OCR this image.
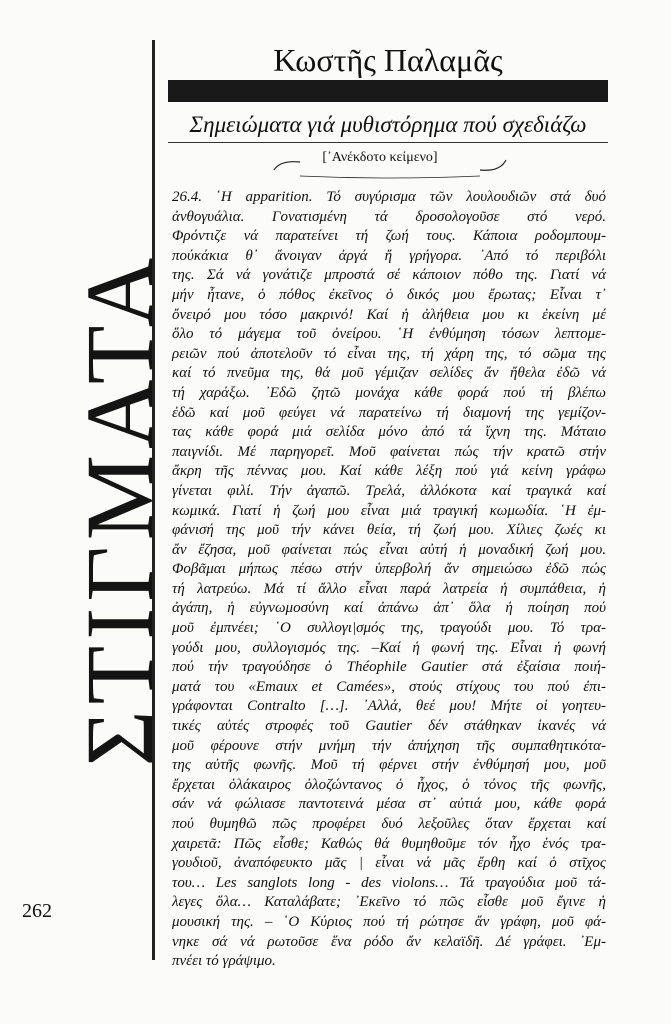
ΣΤΙΓΜΑΤΑ
Κωστῆς Παλαμᾶς
Σημειώματα γιά μυθιστόρημα πού σχεδιάζω
[᾿Ανέκδοτο κείμενο]
26.4. ῾Η apparition. Τό συγύρισμα τῶν λουλουδιῶν στά δυό
ἀνθογυάλια. Γονατισμένη τά δροσολογοῦσε στό νερό.
Φρόντιζε νά παρατείνει τή ζωή τους. Κάποια ροδομπουμ-
πούκάκια θ᾿ ἄνοιγαν ἀργά ἤ γρήγορα. ᾿Από τό περιβόλι
της. Σά νά γονάτιζε μπροστά σέ κάποιον πόθο της. Γιατί νά
μήν ἦτανε, ὁ πόθος ἐκεῖνος ὁ δικός μου ἔρωτας; Εἶναι τ᾿
ὄνειρό μου τόσο μακρινό! Καί ἡ ἀλήθεια μου κι ἐκείνη μέ
ὅλο τό μάγεμα τοῦ ὀνείρου. ῾Η ἐνθύμηση τόσων λεπτομε-
ρειῶν πού ἀποτελοῦν τό εἶναι της, τή χάρη της, τό σῶμα της
καί τό πνεῦμα της, θά μοῦ γέμιζαν σελίδες ἄν ἤθελα ἐδῶ νά
τή χαράξω. ᾿Εδῶ ζητῶ μονάχα κάθε φορά πού τή βλέπω
ἐδῶ καί μοῦ φεύγει νά παρατείνω τή διαμονή της γεμίζον-
τας κάθε φορά μιά σελίδα μόνο ἀπό τά ἴχνη της. Μάταιο
παιγνίδι. Μέ παρηγορεῖ. Μοῦ φαίνεται πώς τήν κρατῶ στήν
ἄκρη τῆς πέννας μου. Καί κάθε λέξη πού γιά κείνη γράφω
γίνεται φιλί. Τήν ἀγαπῶ. Τρελά, ἀλλόκοτα καί τραγικά καί
κωμικά. Γιατί ἡ ζωή μου εἶναι μιά τραγική κωμωδία. ῾Η ἐμ-
φάνισή της μοῦ τήν κάνει θεία, τή ζωή μου. Χίλιες ζωές κι
ἄν ἔζησα, μοῦ φαίνεται πώς εἶναι αὐτή ἡ μοναδική ζωή μου.
Φοβᾶμαι μήπως πέσω στήν ὑπερβολή ἄν σημειώσω ἐδῶ πώς
τή λατρεύω. Μά τί ἄλλο εἶναι παρά λατρεία ἡ συμπάθεια, ἡ
ἀγάπη, ἡ εὐγνωμοσύνη καί ἀπάνω ἀπ᾿ ὅλα ἡ ποίηση πού
μοῦ ἐμπνέει; ῾Ο συλλογι|σμός της, τραγούδι μου. Τό τρα-
γούδι μου, συλλογισμός της. –Καί ἡ φωνή της. Εἶναι ἡ φωνή
πού τήν τραγούδησε ὁ Théophile Gautier στά ἐξαίσια ποιή-
ματά του «Emaux et Camées», στούς στίχους του πού ἐπι-
γράφονται Contralto […]. ᾿Αλλά, θεέ μου! Μήτε οἱ γοητευ-
τικές αὐτές στροφές τοῦ Gautier δέν στάθηκαν ἱκανές νά
μοῦ φέρουνε στήν μνήμη τήν ἀπήχηση τῆς συμπαθητικότα-
της αὐτῆς φωνῆς. Μοῦ τή φέρνει στήν ἐνθύμησή μου, μοῦ
ἔρχεται ὁλάκαιρος ὁλοζώντανος ὁ ἦχος, ὁ τόνος τῆς φωνῆς,
σάν νά φώλιασε παντοτεινά μέσα στ᾿ αὐτιά μου, κάθε φορά
πού θυμηθῶ πῶς προφέρει δυό λεξοῦλες ὅταν ἔρχεται καί
χαιρετᾶ: Πῶς εἶσθε; Καθώς θά θυμηθοῦμε τόν ἦχο ἑνός τρα-
γουδιοῦ, ἀναπόφευκτο μᾶς | εἶναι νά μᾶς ἔρθη καί ὁ στῖχος
του… Les sanglots long - des violons… Τά τραγούδια μοῦ τά-
λεγες ὅλα… Καταλάβατε; ᾿Εκεῖνο τό πῶς εἶσθε μοῦ ἔγινε ἡ
μουσική της. – ῾Ο Κύριος πού τή ρώτησε ἄν γράφη, μοῦ φά-
νηκε σά νά ρωτοῦσε ἕνα ρόδο ἄν κελαϊδῆ. Δέ γράφει. ᾿Εμ-
πνέει τό γράψιμο.
262
